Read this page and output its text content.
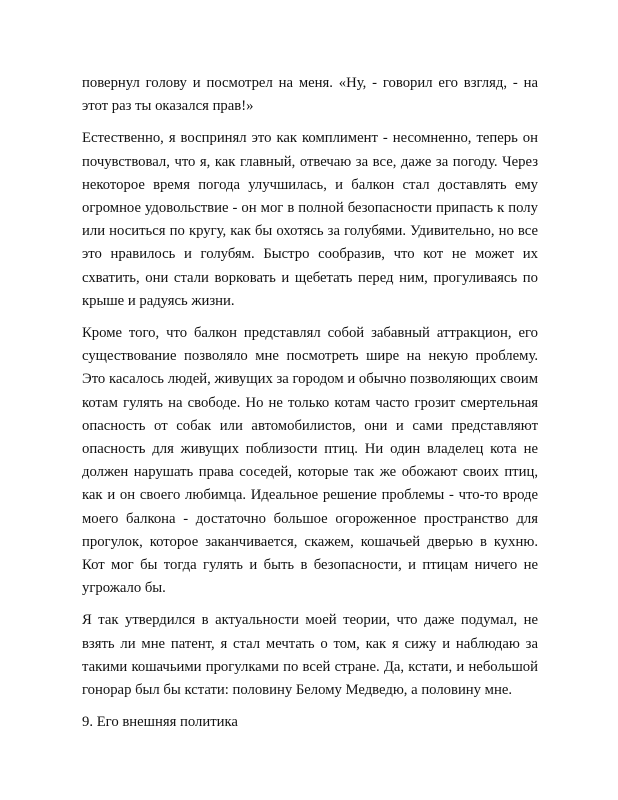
повернул голову и посмотрел на меня. «Ну, - говорил его взгляд, - на этот раз ты оказался прав!»

Естественно, я воспринял это как комплимент - несомненно, теперь он почувствовал, что я, как главный, отвечаю за все, даже за погоду. Через некоторое время погода улучшилась, и балкон стал доставлять ему огромное удовольствие - он мог в полной безопасности припасть к полу или носиться по кругу, как бы охотясь за голубями. Удивительно, но все это нравилось и голубям. Быстро сообразив, что кот не может их схватить, они стали ворковать и щебетать перед ним, прогуливаясь по крыше и радуясь жизни.

Кроме того, что балкон представлял собой забавный аттракцион, его существование позволяло мне посмотреть шире на некую проблему. Это касалось людей, живущих за городом и обычно позволяющих своим котам гулять на свободе. Но не только котам часто грозит смертельная опасность от собак или автомобилистов, они и сами представляют опасность для живущих поблизости птиц. Ни один владелец кота не должен нарушать права соседей, которые так же обожают своих птиц, как и он своего любимца. Идеальное решение проблемы - что-то вроде моего балкона - достаточно большое огороженное пространство для прогулок, которое заканчивается, скажем, кошачьей дверью в кухню. Кот мог бы тогда гулять и быть в безопасности, и птицам ничего не угрожало бы.

Я так утвердился в актуальности моей теории, что даже подумал, не взять ли мне патент, я стал мечтать о том, как я сижу и наблюдаю за такими кошачьими прогулками по всей стране. Да, кстати, и небольшой гонорар был бы кстати: половину Белому Медведю, а половину мне.

9. Его внешняя политика
